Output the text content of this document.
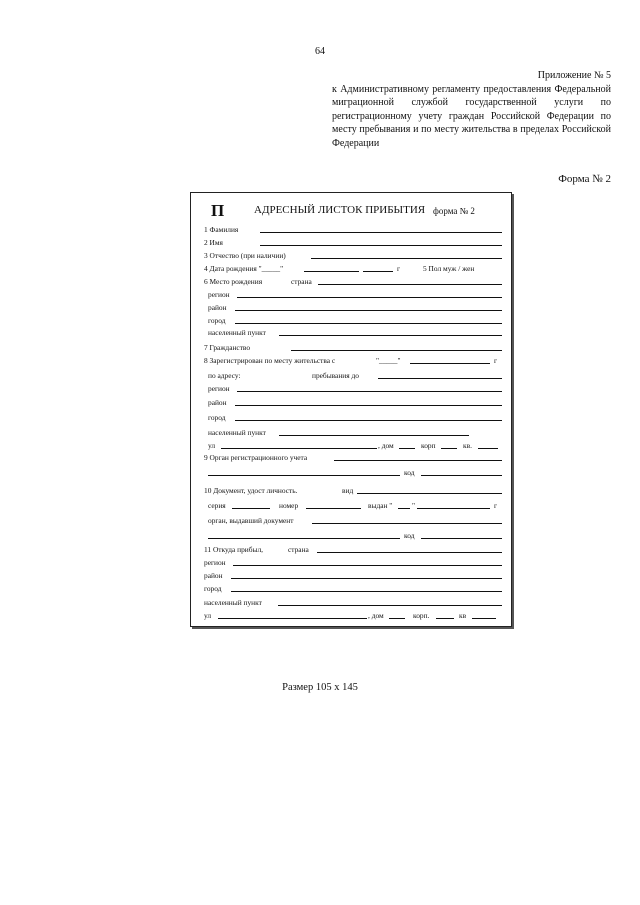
64
Приложение № 5
к Административному регламенту предоставления Федеральной миграционной службой государственной услуги по регистрационному учету граждан Российской Федерации по месту пребывания и по месту жительства в пределах Российской Федерации
Форма № 2
П	АДРЕСНЫЙ ЛИСТОК ПРИБЫТИЯ форма № 2
1 Фамилия
2 Имя
3 Отчество (при наличии)
4 Дата рождения "_____"	г	5 Пол муж / жен
6 Место рождения	страна
регион
район
город
населенный пункт
7 Гражданство
8 Зарегистрирован по месту жительства с	"_____"	г
по адресу:	пребывания до
регион
район
город
населенный пункт
ул	, дом	корп	кв.
9 Орган регистрационного учета
код
10 Документ, удост личность.	вид
серия	номер	выдан "	"	г
орган, выдавший документ
код
11 Откуда прибыл,	страна
регион
район
город
населенный пункт
ул	, дом	корп.	кв
Размер 105 х 145
